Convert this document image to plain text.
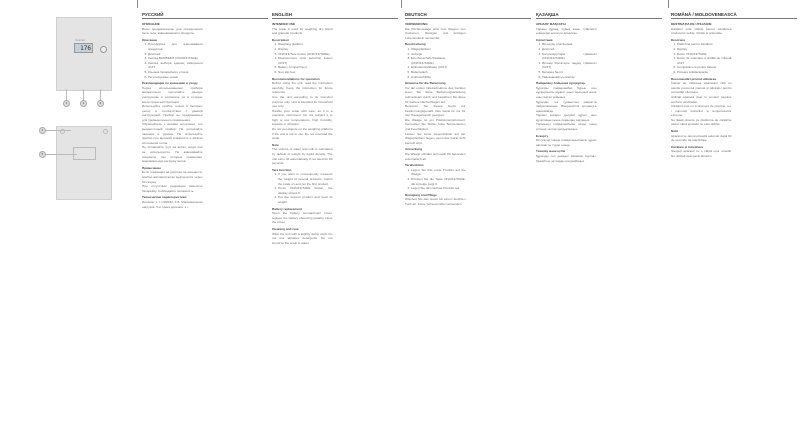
Scarlett
176
1	2	3
4
5
РУССКИЙ
ОПИСАНИЕ

Весы предназначены для определения веса тела, взвешиваемого продукта.

Описание
1. Платформа для взвешивания продуктов
2. Дисплей
3. Кнопка ВКЛ/ВЫКЛ (ON/OFF/TARE)
4. Кнопка выбора единиц измерения UNIT
5. Крышка батарейного отсека
6. Регулируемые ножки
Рекомендации по хранению и уходу

Перед использованием прибора внимательно прочитайте данную инструкцию и сохраните её в течение всего срока эксплуатации.

Используйте прибор только в бытовых целях в соответствии с данной инструкцией. Прибор не предназначен для промышленного применения.

Обращайтесь с весами осторожно, это высокоточный прибор. Не допускайте падения и ударов. Не используйте прибор при высокой влажности и вблизи источников тепла.

Не оставляйте груз на весах, когда они не используются. Не взвешивайте предметы, вес которых превышает максимальную нагрузку весов.

Примечание

Если показания на дисплее не меняются, прибор автоматически выключится через 60 секунд.

При отсутствии индикации замените батарейку. Соблюдайте полярность.

Технические характеристики

Питание: 1 × CR2032, 3 В. Максимальная нагрузка: 5 кг. Цена деления: 1 г.

ENGLISH
INTENDED USE

The scale is used for weighing dry, liquid and granular products.

Description
1. Weighing platform
2. Display
3. ON/OFF/Tare button (ON/OFF/TARE)
4. Measurement units selection button (UNIT)
5. Battery compartment
6. Non-slip feet
Recommendations for operation

Before using the unit, read the instruction carefully. Keep the instruction for future reference.

Use the unit according to its intended purpose only. Unit is intended for household use only.

Handle your scale with care, as it is a precision instrument. Do not subject it to high or low temperatures, high humidity, impacts or vibration.

Do not put objects on the weighing platform if the unit is not in use. Do not overload the scale.

Note

The volume of water and milk is calculated by default of weight by liquid density. The unit turns off automatically if not used for 60 seconds.

Tare function
1. If you want to consequently measure the weight of several products, switch the scale on and put the first product.
2. Press ON/OFF/TARE button, the display shows 0.
3. Put the second product and read its weight.
Battery replacement

Open the battery compartment cover, replace the battery observing polarity, close the cover.

Cleaning and care

Wipe the unit with a slightly damp cloth. Do not use abrasive detergents. Do not immerse the scale in water.

DEUTSCH
VERWENDUNG

Die Küchenwaage wird zum Wiegen von trockenen, flüssigen und körnigen Lebensmitteln verwendet.

Beschreibung
1. Wägeplattform
2. Anzeige
3. Ein-/Ausschalt-/Tarataste (ON/OFF/TARE)
4. Einheitenwahltaste (UNIT)
5. Batteriefach
6. Antirutschfüße
Hinweise für die Benutzung

Vor der ersten Inbetriebnahme des Gerätes lesen Sie diese Bedienungsanleitung aufmerksam durch und bewahren Sie diese für weitere Nachschlagen auf.

Benutzen Sie dieses Gerät nur bestimmungsgemäß. Das Gerät ist nur für den Hausgebrauch geeignet.

Die Waage ist ein Präzisionsinstrument. Vermeiden Sie Stöße, hohe Temperaturen und Feuchtigkeit.

Lassen Sie keine Gegenstände auf der Wägeplattform liegen, wenn das Gerät nicht benutzt wird.

Anmerkung

Die Waage schaltet sich nach 60 Sekunden automatisch ab.

Tarafunktion
1. Legen Sie das erste Produkt auf die Waage.
2. Drücken Sie die Taste ON/OFF/TARE, die Anzeige zeigt 0.
3. Legen Sie das nächste Produkt auf.
Reinigung und Pflege

Wischen Sie das Gerät mit einem feuchten Tuch ab. Keine Scheuermittel verwenden.

ҚАЗАҚША
АРНАЛУ МАҚСАТЫ

Таразы құрғақ, сұйық және түйіршікті өнімдерді өлшеуге арналған.

Сипаттама
1. Өлшеуіш платформа
2. Дисплей
3. Қосу/өшіру/тара түймешігі (ON/OFF/TARE)
4. Өлшем бірліктерін таңдау түймешігі (UNIT)
5. Батарея бөлігі
6. Тайғанамайтын аяқтар
Пайдалану бойынша нұсқаулар

Құралды пайдаланбас бұрын осы нұсқаулықты мұқият оқып шығыңыз және оны сақтап қойыңыз.

Құралды тек тұрмыстық мақсатта пайдаланыңыз. Өнеркәсіптік қолдануға арналмаған.

Таразы жоғары дәлдікті құрал, оны құлатпаңыз және соққыдан сақтаңыз.

Таразыны пайдаланбаған кезде оның үстінде заттар қалдырмаңыз.

Ескерту

60 секунд ішінде пайдаланылмаса, құрал автоматты түрде өшеді.

Тазалау және күтім

Құралды сәл дымқыл матамен сүртіңіз. Қажайтын заттарды қолданбаңыз.

ROMÂNĂ / MOLDOVENEASCĂ
DESTINAȚIA DE UTILIZARE

Cântarul este utilizat pentru cântărirea produselor solide, lichide și granulate.

Descriere
1. Platforma pentru cântărire
2. Display
3. Buton ON/OFF/TARE
4. Buton de selectare a unității de măsură UNIT
5. Compartiment pentru baterie
6. Picioare antiderapante
Recomandări privind utilizarea

Înainte de utilizarea aparatului citiți cu atenție prezentul manual și păstrați-l pentru consultări ulterioare.

Utilizați aparatul doar în scopuri casnice conform destinației.

Cântarul este un instrument de precizie, nu-l supuneți loviturilor și temperaturilor extreme.

Nu lăsați obiecte pe platforma de cântărire atunci când aparatul nu este utilizat.

Notă

Aparatul se deconectează automat după 60 de secunde de inactivitate.

Curățare și întreținere

Ștergeți aparatul cu o cârpă ușor umedă. Nu utilizați detergenți abrazivi.
